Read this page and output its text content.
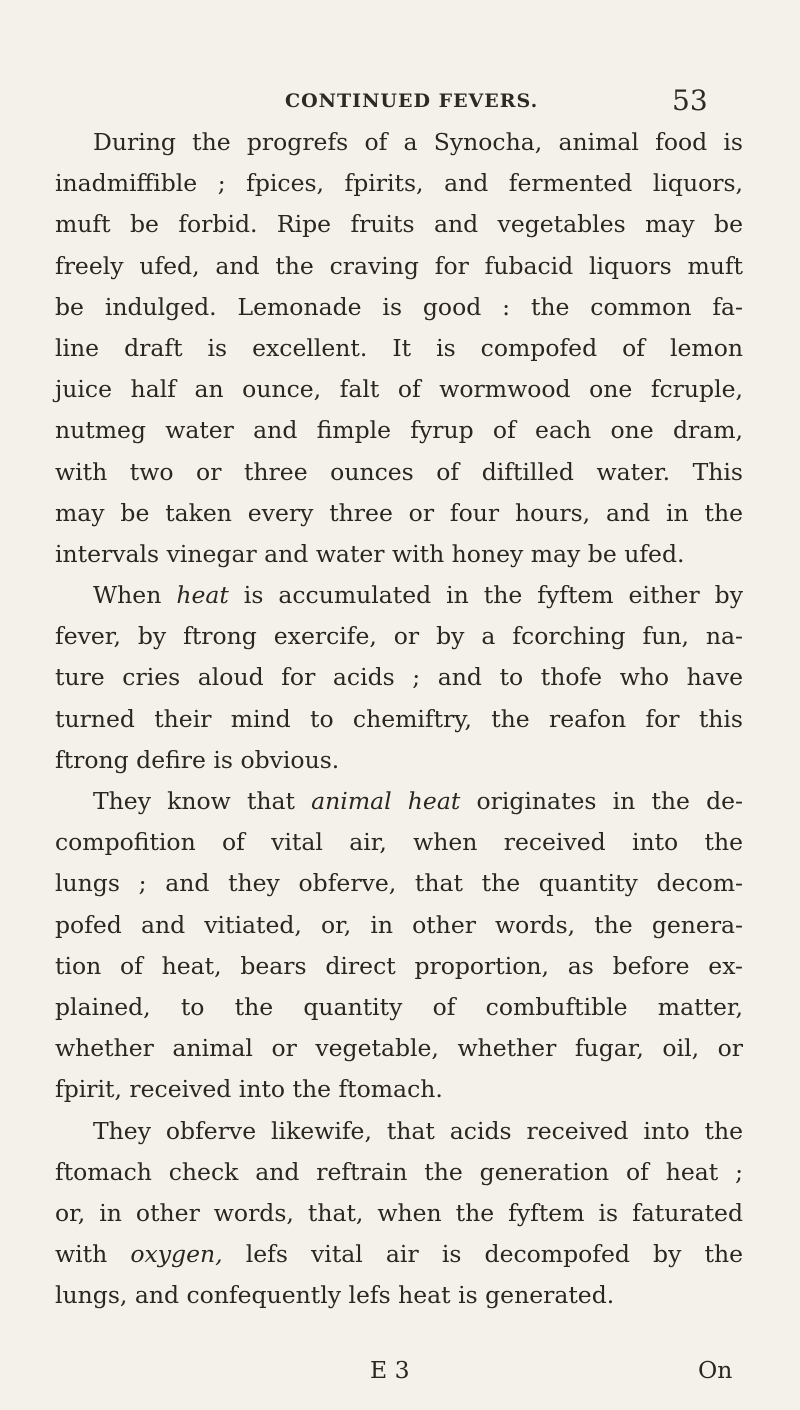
CONTINUED FEVERS.	53
During the progrefs of a Synocha, animal food is
inadmiffible ; fpices, fpirits, and fermented liquors,
muft be forbid. Ripe fruits and vegetables may be
freely ufed, and the craving for fubacid liquors muft
be indulged. Lemonade is good : the common fa-
line draft is excellent. It is compofed of lemon
juice half an ounce, falt of wormwood one fcruple,
nutmeg water and fimple fyrup of each one dram,
with two or three ounces of diftilled water. This
may be taken every three or four hours, and in the
intervals vinegar and water with honey may be ufed.
When heat is accumulated in the fyftem either by
fever, by ftrong exercife, or by a fcorching fun, na-
ture cries aloud for acids ; and to thofe who have
turned their mind to chemiftry, the reafon for this
ftrong defire is obvious.
They know that animal heat originates in the de-
compofition of vital air, when received into the
lungs ; and they obferve, that the quantity decom-
pofed and vitiated, or, in other words, the genera-
tion of heat, bears direct proportion, as before ex-
plained, to the quantity of combuftible matter,
whether animal or vegetable, whether fugar, oil, or
fpirit, received into the ftomach.
They obferve likewife, that acids received into the
ftomach check and reftrain the generation of heat ;
or, in other words, that, when the fyftem is faturated
with oxygen, lefs vital air is decompofed by the
lungs, and confequently lefs heat is generated.
E 3	On
